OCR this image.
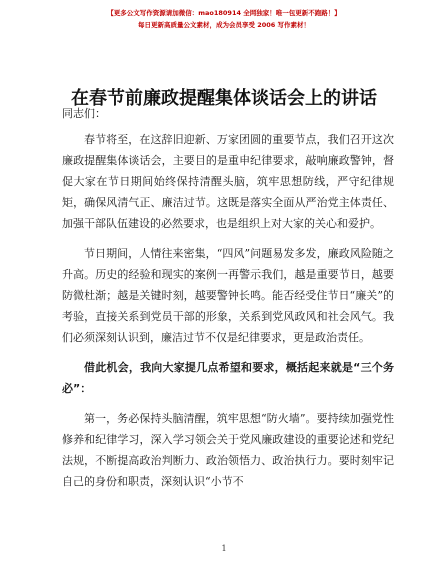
【更多公文写作资源请加微信：mao180914 全网独家！唯一包更新不跑路！】
每日更新高质量公文素材，成为会员享受 2006 写作素材！
在春节前廉政提醒集体谈话会上的讲话

同志们：

春节将至，在这辞旧迎新、万家团圆的重要节点，我们召开这次廉政提醒集体谈话会，主要目的是重申纪律要求，敲响廉政警钟，督促大家在节日期间始终保持清醒头脑，筑牢思想防线，严守纪律规矩，确保风清气正、廉洁过节。这既是落实全面从严治党主体责任、加强干部队伍建设的必然要求，也是组织上对大家的关心和爱护。

节日期间，人情往来密集，“四风”问题易发多发，廉政风险随之升高。历史的经验和现实的案例一再警示我们，越是重要节日，越要防微杜渐；越是关键时刻，越要警钟长鸣。能否经受住节日“廉关”的考验，直接关系到党员干部的形象，关系到党风政风和社会风气。我们必须深刻认识到，廉洁过节不仅是纪律要求，更是政治责任。

借此机会，我向大家提几点希望和要求，概括起来就是“三个务必”：

第一，务必保持头脑清醒，筑牢思想“防火墙”。要持续加强党性修养和纪律学习，深入学习领会关于党风廉政建设的重要论述和党纪法规，不断提高政治判断力、政治领悟力、政治执行力。要时刻牢记自己的身份和职责，深刻认识“小节不

1
